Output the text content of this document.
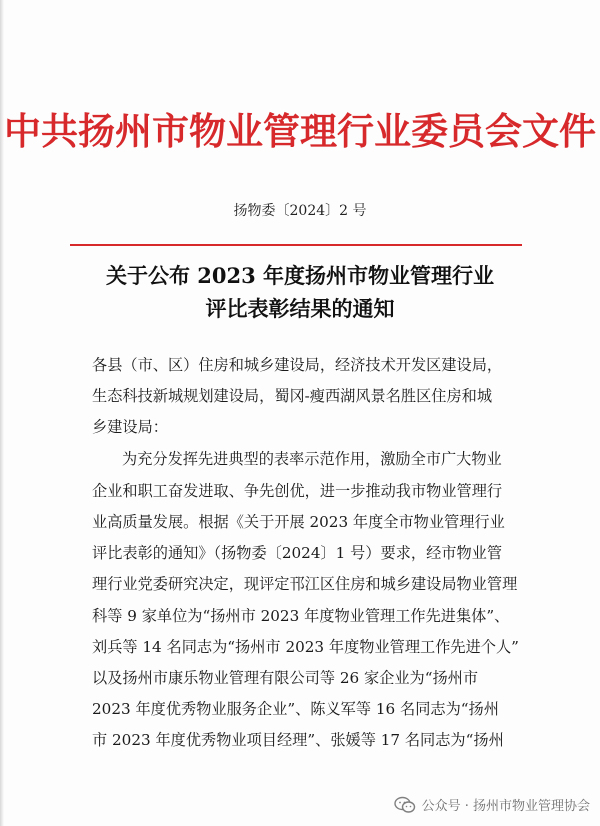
中共扬州市物业管理行业委员会文件
扬物委〔2024〕2 号
关于公布 2023 年度扬州市物业管理行业
评比表彰结果的通知
各县（市、区）住房和城乡建设局，经济技术开发区建设局，
生态科技新城规划建设局，蜀冈-瘦西湖风景名胜区住房和城
乡建设局：
为充分发挥先进典型的表率示范作用，激励全市广大物业
企业和职工奋发进取、争先创优，进一步推动我市物业管理行
业高质量发展。根据《关于开展 2023 年度全市物业管理行业
评比表彰的通知》（扬物委〔2024〕1 号）要求，经市物业管
理行业党委研究决定，现评定邗江区住房和城乡建设局物业管理
科等 9 家单位为“扬州市 2023 年度物业管理工作先进集体”、
刘兵等 14 名同志为“扬州市 2023 年度物业管理工作先进个人”
以及扬州市康乐物业管理有限公司等 26 家企业为“扬州市
2023 年度优秀物业服务企业”、陈义军等 16 名同志为“扬州
市 2023 年度优秀物业项目经理”、张媛等 17 名同志为“扬州
公众号 · 扬州市物业管理协会
